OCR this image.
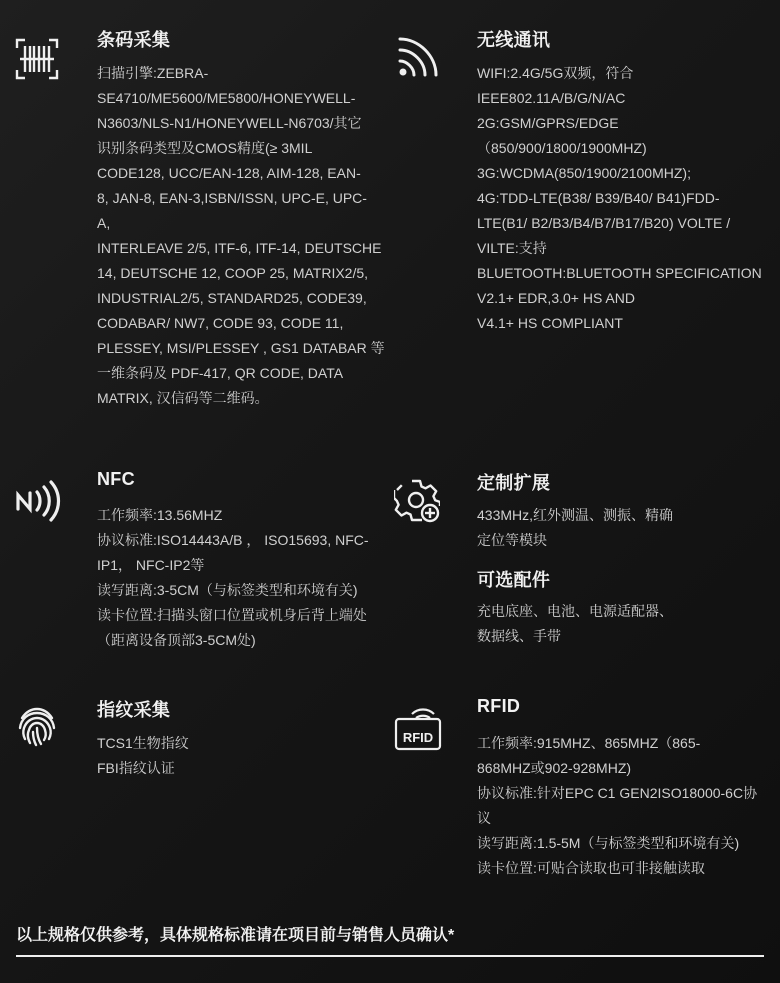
条码采集
扫描引擎:ZEBRA-
SE4710/ME5600/ME5800/HONEYWELL-
N3603/NLS-N1/HONEYWELL-N6703/其它
识别条码类型及CMOS精度(≥ 3MIL
CODE128, UCC/EAN-128, AIM-128, EAN-
8, JAN-8, EAN-3,ISBN/ISSN, UPC-E, UPC-
A,
INTERLEAVE 2/5, ITF-6, ITF-14, DEUTSCHE
14, DEUTSCHE 12, COOP 25, MATRIX2/5,
INDUSTRIAL2/5, STANDARD25, CODE39,
CODABAR/ NW7, CODE 93, CODE 11,
PLESSEY, MSI/PLESSEY , GS1 DATABAR 等
一维条码及 PDF-417, QR CODE, DATA
MATRIX, 汉信码等二维码。
无线通讯
WIFI:2.4G/5G双频，符合
IEEE802.11A/B/G/N/AC
2G:GSM/GPRS/EDGE
（850/900/1800/1900MHZ)
3G:WCDMA(850/1900/2100MHZ);
4G:TDD-LTE(B38/ B39/B40/ B41)FDD-
LTE(B1/ B2/B3/B4/B7/B17/B20) VOLTE /
VILTE:支持
BLUETOOTH:BLUETOOTH SPECIFICATION
V2.1+ EDR,3.0+ HS AND
V4.1+ HS COMPLIANT
NFC
工作频率:13.56MHZ
协议标准:ISO14443A/B ， ISO15693, NFC-
IP1， NFC-IP2等
读写距离:3-5CM（与标签类型和环境有关)
读卡位置:扫描头窗口位置或机身后背上端处
（距离设备顶部3-5CM处)
定制扩展
433MHz,红外测温、测振、精确
定位等模块
可选配件
充电底座、电池、电源适配器、
数据线、手带
指纹采集
TCS1生物指纹
FBI指纹认证
RFID
RFID
工作频率:915MHZ、865MHZ（865-
868MHZ或902-928MHZ)
协议标准:针对EPC C1 GEN2ISO18000-6C协
议
读写距离:1.5-5M（与标签类型和环境有关)
读卡位置:可贴合读取也可非接触读取
以上规格仅供参考，具体规格标准请在项目前与销售人员确认*
